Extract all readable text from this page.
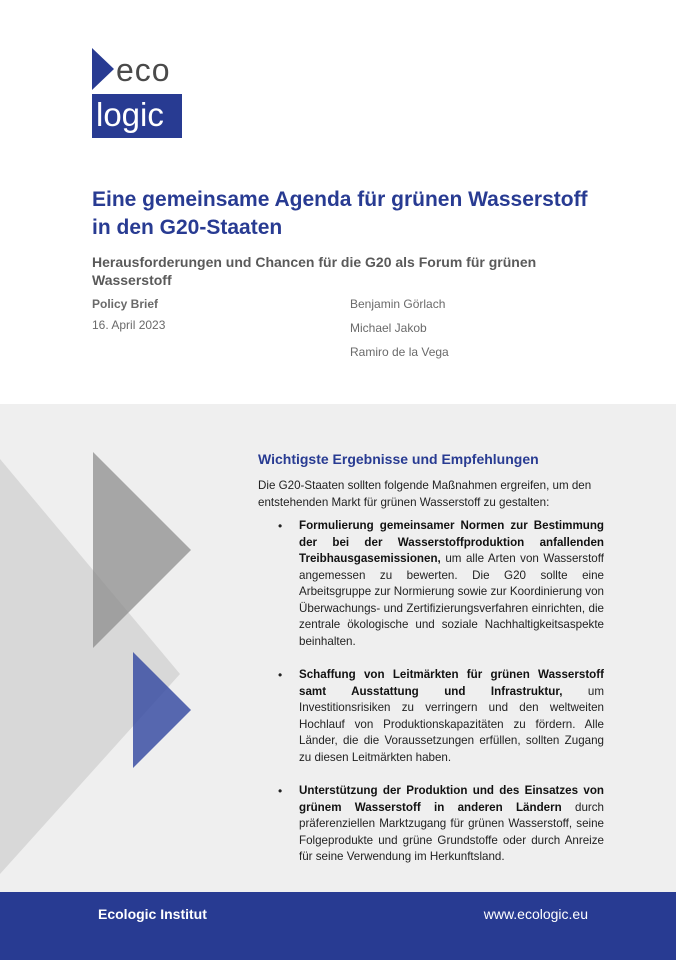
eco
logic
Eine gemeinsame Agenda für grünen Wasserstoff in den G20-Staaten
Herausforderungen und Chancen für die G20 als Forum für grünen Wasserstoff
Policy Brief
16. April 2023
Benjamin Görlach
Michael Jakob
Ramiro de la Vega
Wichtigste Ergebnisse und Empfehlungen

Die G20-Staaten sollten folgende Maßnahmen ergreifen, um den entstehenden Markt für grünen Wasserstoff zu gestalten:

• Formulierung gemeinsamer Normen zur Bestimmung der bei der Wasserstoffproduktion anfallenden Treibhausgasemissionen, um alle Arten von Wasserstoff angemessen zu bewerten. Die G20 sollte eine Arbeitsgruppe zur Normierung sowie zur Koordinierung von Überwachungs- und Zertifizierungsverfahren einrichten, die zentrale ökologische und soziale Nachhaltigkeitsaspekte beinhalten.
• Schaffung von Leitmärkten für grünen Wasserstoff samt Ausstattung und Infrastruktur, um Investitionsrisiken zu verringern und den weltweiten Hochlauf von Produktionskapazitäten zu fördern. Alle Länder, die die Voraussetzungen erfüllen, sollten Zugang zu diesen Leitmärkten haben.
• Unterstützung der Produktion und des Einsatzes von grünem Wasserstoff in anderen Ländern durch präferenziellen Marktzugang für grünen Wasserstoff, seine Folgeprodukte und grüne Grundstoffe oder durch Anreize für seine Verwendung im Herkunftsland.
Ecologic Institut	www.ecologic.eu
